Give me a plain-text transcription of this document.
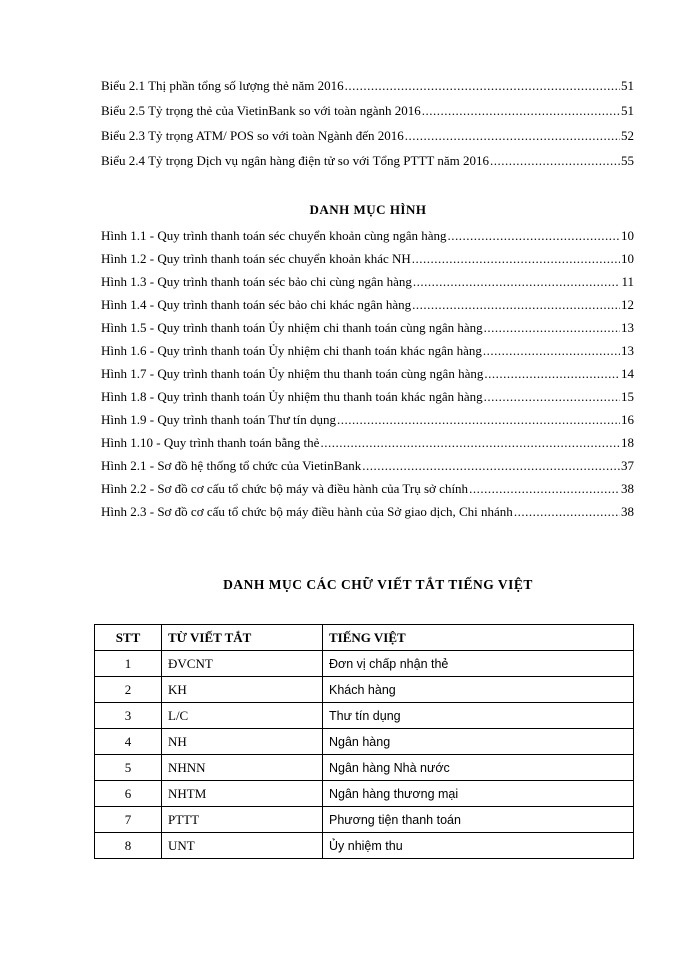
Biểu 2.1 Thị phần tổng số lượng thẻ năm 2016 .....	51
Biểu 2.5 Tỷ trọng thẻ của VietinBank so với toàn ngành 2016 .....	51
Biểu 2.3 Tỷ trọng ATM/ POS so với toàn Ngành đến 2016 .....	52
Biểu 2.4 Tỷ trọng Dịch vụ ngân hàng điện tử so với Tổng PTTT năm 2016 .....	55
DANH MỤC HÌNH
Hình 1.1 - Quy trình thanh toán séc chuyển khoản cùng ngân hàng .....	10
Hình 1.2 - Quy trình thanh toán séc chuyển khoản khác NH .....	10
Hình 1.3 - Quy trình thanh toán séc bảo chi cùng ngân hàng .....	11
Hình 1.4 - Quy trình thanh toán séc bảo chi khác ngân hàng .....	12
Hình 1.5 - Quy trình thanh toán Ủy nhiệm chi thanh toán cùng ngân hàng .....	13
Hình 1.6 - Quy trình thanh toán Ủy nhiệm chi thanh toán khác ngân hàng .....	13
Hình 1.7 - Quy trình thanh toán Ủy nhiệm thu thanh toán cùng ngân hàng .....	14
Hình 1.8 - Quy trình thanh toán Ủy nhiệm thu thanh toán khác ngân hàng .....	15
Hình 1.9 - Quy trình thanh toán Thư tín dụng .....	16
Hình 1.10 - Quy trình thanh toán bằng thẻ .....	18
Hình 2.1 - Sơ đồ hệ thống tổ chức của VietinBank .....	37
Hình 2.2 - Sơ đồ cơ cấu tổ chức bộ máy và điều hành của Trụ sở chính .....	38
Hình 2.3 - Sơ đồ cơ cấu tổ chức bộ máy điều hành của Sở giao dịch, Chi nhánh .....	38
DANH MỤC CÁC CHỮ VIẾT TẮT TIẾNG VIỆT
STT	TỪ VIẾT TẮT	TIẾNG VIỆT
1	ĐVCNT	Đơn vị chấp nhận thẻ
2	KH	Khách hàng
3	L/C	Thư tín dụng
4	NH	Ngân hàng
5	NHNN	Ngân hàng Nhà nước
6	NHTM	Ngân hàng thương mại
7	PTTT	Phương tiện thanh toán
8	UNT	Ủy nhiệm thu
